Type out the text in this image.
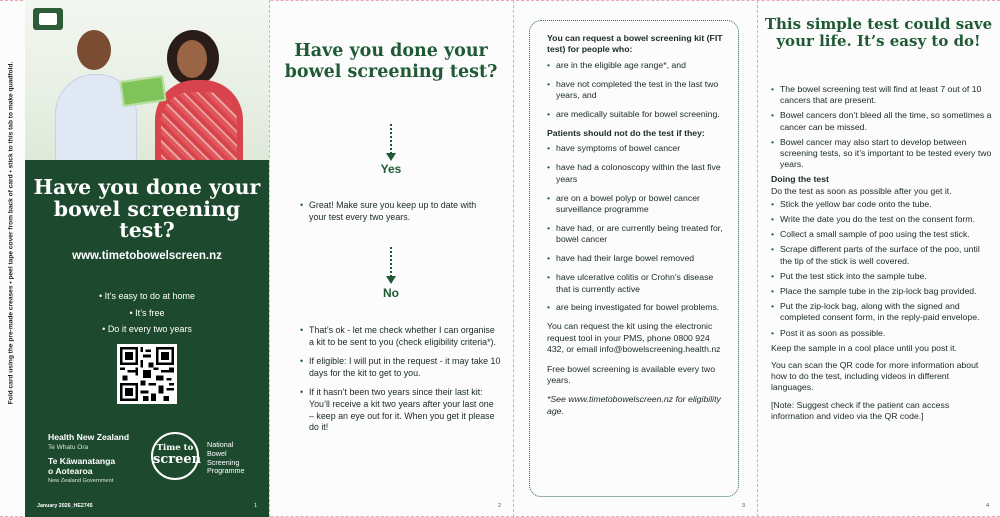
Fold card using the pre-made creases • peel tape cover from back of card • stick to this tab to make quadfold. Have you done your bowel screening test?
www.timetobowelscreen.nz
• It’s easy to do at home
• It’s free
• Do it every two years
Health New Zealand
Te Whatu Ora
Te Kāwanatanga
o Aotearoa
New Zealand Government
Time to
screen
National
Bowel
Screening
Programme
January 2026_HE2745	1
Have you done your bowel screening test?
Yes
• Great! Make sure you keep up to date with your test every two years.
No
• That’s ok - let me check whether I can organise a kit to be sent to you (check eligibility criteria*).
• If eligible: I will put in the request - it may take 10 days for the kit to get to you.
• If it hasn’t been two years since their last kit: You’ll receive a kit two years after your last one – keep an eye out for it. When you get it please do it!
2
You can request a bowel screening kit (FIT test) for people who:
• are in the eligible age range*, and
• have not completed the test in the last two years, and
• are medically suitable for bowel screening.
Patients should not do the test if they:
• have symptoms of bowel cancer
• have had a colonoscopy within the last five years
• are on a bowel polyp or bowel cancer surveillance programme
• have had, or are currently being treated for, bowel cancer
• have had their large bowel removed
• have ulcerative colitis or Crohn’s disease that is currently active
• are being investigated for bowel problems.
You can request the kit using the electronic request tool in your PMS, phone 0800 924 432, or email info@bowelscreening.health.nz
Free bowel screening is available every two years.
*See www.timetobowelscreen.nz for eligibility age.
3
This simple test could save your life. It’s easy to do!
• The bowel screening test will find at least 7 out of 10 cancers that are present.
• Bowel cancers don’t bleed all the time, so sometimes a cancer can be missed.
• Bowel cancer may also start to develop between screening tests, so it’s important to be tested every two years.
Doing the test
Do the test as soon as possible after you get it.
• Stick the yellow bar code onto the tube.
• Write the date you do the test on the consent form.
• Collect a small sample of poo using the test stick.
• Scrape different parts of the surface of the poo, until the tip of the stick is well covered.
• Put the test stick into the sample tube.
• Place the sample tube in the zip-lock bag provided.
• Put the zip-lock bag, along with the signed and completed consent form, in the reply-paid envelope.
• Post it as soon as possible.
Keep the sample in a cool place until you post it.
You can scan the QR code for more information about how to do the test, including videos in different languages.
[Note: Suggest check if the patient can access information and video via the QR code.]
4
